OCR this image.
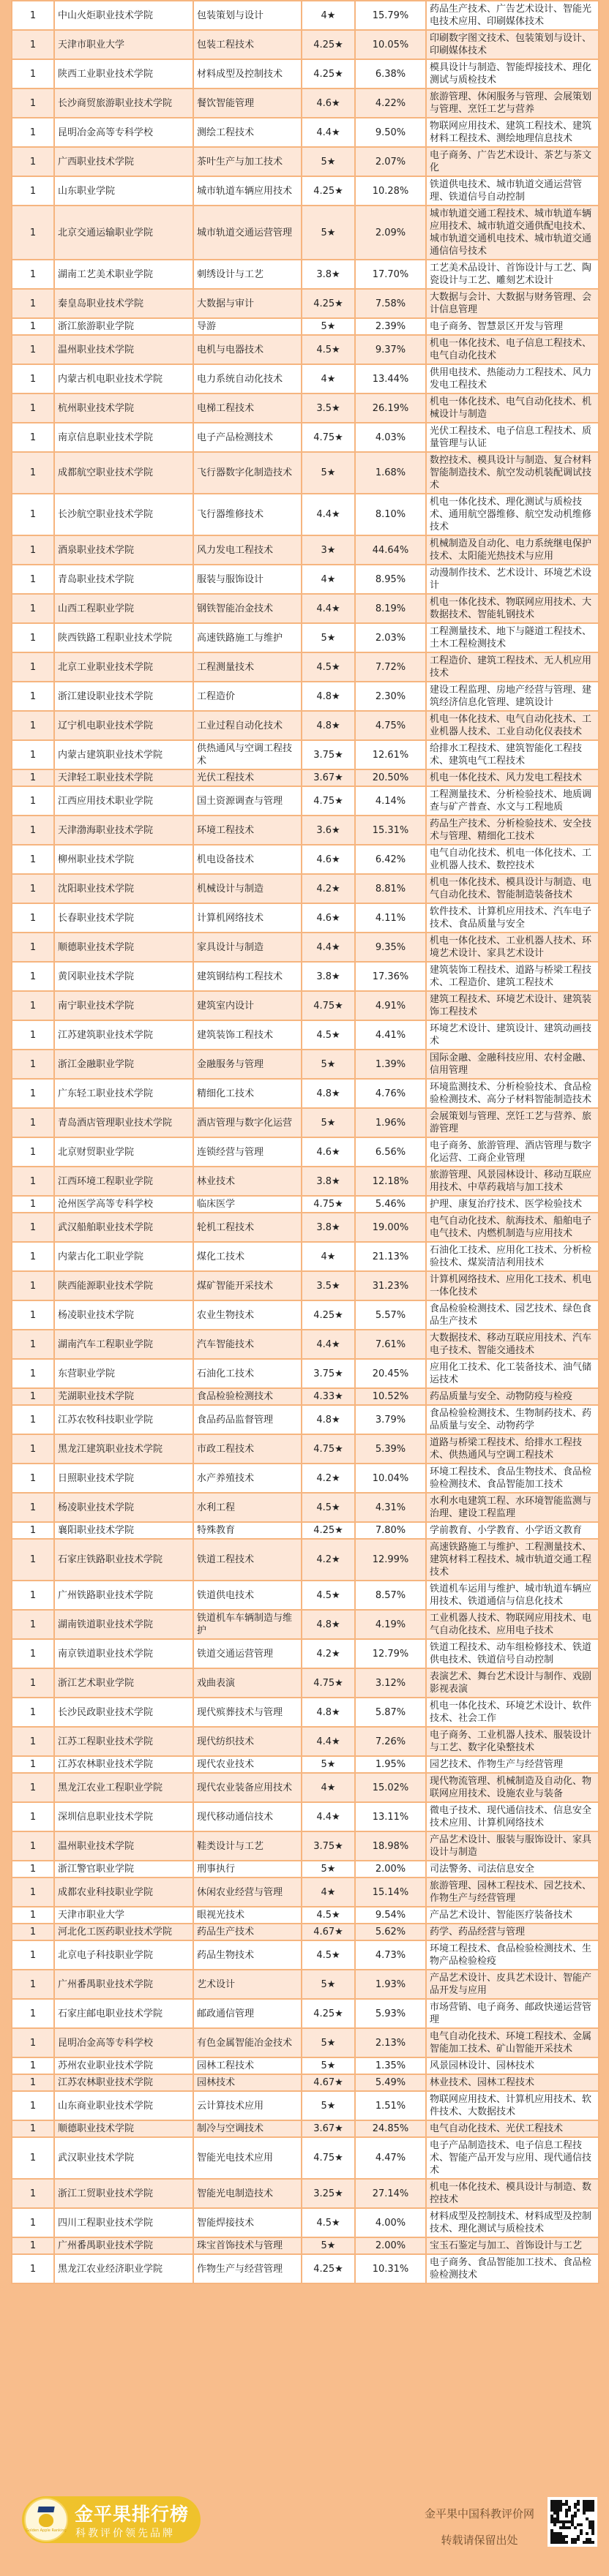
1	中山火炬职业技术学院	包装策划与设计	4★	15.79%	药品生产技术、广告艺术设计、智能光电技术应用、印刷媒体技术
1	天津市职业大学	包装工程技术	4.25★	10.05%	印刷数字图文技术、包装策划与设计、印刷媒体技术
1	陕西工业职业技术学院	材料成型及控制技术	4.25★	6.38%	模具设计与制造、智能焊接技术、理化测试与质检技术
1	长沙商贸旅游职业技术学院	餐饮智能管理	4.6★	4.22%	旅游管理、休闲服务与管理、会展策划与管理、烹饪工艺与营养
1	昆明冶金高等专科学校	测绘工程技术	4.4★	9.50%	物联网应用技术、建筑工程技术、建筑材料工程技术、测绘地理信息技术
1	广西职业技术学院	茶叶生产与加工技术	5★	2.07%	电子商务、广告艺术设计、茶艺与茶文化
1	山东职业学院	城市轨道车辆应用技术	4.25★	10.28%	铁道供电技术、城市轨道交通运营管理、铁道信号自动控制
1	北京交通运输职业学院	城市轨道交通运营管理	5★	2.09%	城市轨道交通工程技术、城市轨道车辆应用技术、城市轨道交通供配电技术、城市轨道交通机电技术、城市轨道交通通信信号技术
1	湖南工艺美术职业学院	刺绣设计与工艺	3.8★	17.70%	工艺美术品设计、首饰设计与工艺、陶瓷设计与工艺、雕刻艺术设计
1	秦皇岛职业技术学院	大数据与审计	4.25★	7.58%	大数据与会计、大数据与财务管理、会计信息管理
1	浙江旅游职业学院	导游	5★	2.39%	电子商务、智慧景区开发与管理
1	温州职业技术学院	电机与电器技术	4.5★	9.37%	机电一体化技术、电子信息工程技术、电气自动化技术
1	内蒙古机电职业技术学院	电力系统自动化技术	4★	13.44%	供用电技术、热能动力工程技术、风力发电工程技术
1	杭州职业技术学院	电梯工程技术	3.5★	26.19%	机电一体化技术、电气自动化技术、机械设计与制造
1	南京信息职业技术学院	电子产品检测技术	4.75★	4.03%	光伏工程技术、电子信息工程技术、质量管理与认证
1	成都航空职业技术学院	飞行器数字化制造技术	5★	1.68%	数控技术、模具设计与制造、复合材料智能制造技术、航空发动机装配调试技术
1	长沙航空职业技术学院	飞行器维修技术	4.4★	8.10%	机电一体化技术、理化测试与质检技术、通用航空器维修、航空发动机维修技术
1	酒泉职业技术学院	风力发电工程技术	3★	44.64%	机械制造及自动化、电力系统继电保护技术、太阳能光热技术与应用
1	青岛职业技术学院	服装与服饰设计	4★	8.95%	动漫制作技术、艺术设计、环境艺术设计
1	山西工程职业学院	钢铁智能冶金技术	4.4★	8.19%	机电一体化技术、物联网应用技术、大数据技术、智能轧钢技术
1	陕西铁路工程职业技术学院	高速铁路施工与维护	5★	2.03%	工程测量技术、地下与隧道工程技术、土木工程检测技术
1	北京工业职业技术学院	工程测量技术	4.5★	7.72%	工程造价、建筑工程技术、无人机应用技术
1	浙江建设职业技术学院	工程造价	4.8★	2.30%	建设工程监理、房地产经营与管理、建筑经济信息化管理、建筑设计
1	辽宁机电职业技术学院	工业过程自动化技术	4.8★	4.75%	机电一体化技术、电气自动化技术、工业机器人技术、工业自动化仪表技术
1	内蒙古建筑职业技术学院	供热通风与空调工程技术	3.75★	12.61%	给排水工程技术、建筑智能化工程技术、建筑电气工程技术
1	天津轻工职业技术学院	光伏工程技术	3.67★	20.50%	机电一体化技术、风力发电工程技术
1	江西应用技术职业学院	国土资源调查与管理	4.75★	4.14%	工程测量技术、分析检验技术、地质调查与矿产普查、水文与工程地质
1	天津渤海职业技术学院	环境工程技术	3.6★	15.31%	药品生产技术、分析检验技术、安全技术与管理、精细化工技术
1	柳州职业技术学院	机电设备技术	4.6★	6.42%	电气自动化技术、机电一体化技术、工业机器人技术、数控技术
1	沈阳职业技术学院	机械设计与制造	4.2★	8.81%	机电一体化技术、模具设计与制造、电气自动化技术、智能制造装备技术
1	长春职业技术学院	计算机网络技术	4.6★	4.11%	软件技术、计算机应用技术、汽车电子技术、食品质量与安全
1	顺德职业技术学院	家具设计与制造	4.4★	9.35%	机电一体化技术、工业机器人技术、环境艺术设计、家具艺术设计
1	黄冈职业技术学院	建筑钢结构工程技术	3.8★	17.36%	建筑装饰工程技术、道路与桥梁工程技术、工程造价、建筑工程技术
1	南宁职业技术学院	建筑室内设计	4.75★	4.91%	建筑工程技术、环境艺术设计、建筑装饰工程技术
1	江苏建筑职业技术学院	建筑装饰工程技术	4.5★	4.41%	环境艺术设计、建筑设计、建筑动画技术
1	浙江金融职业学院	金融服务与管理	5★	1.39%	国际金融、金融科技应用、农村金融、信用管理
1	广东轻工职业技术学院	精细化工技术	4.8★	4.76%	环境监测技术、分析检验技术、食品检验检测技术、高分子材料智能制造技术
1	青岛酒店管理职业技术学院	酒店管理与数字化运营	5★	1.96%	会展策划与管理、烹饪工艺与营养、旅游管理
1	北京财贸职业学院	连锁经营与管理	4.6★	6.56%	电子商务、旅游管理、酒店管理与数字化运营、工商企业管理
1	江西环境工程职业学院	林业技术	3.8★	12.18%	旅游管理、风景园林设计、移动互联应用技术、中草药栽培与加工技术
1	沧州医学高等专科学校	临床医学	4.75★	5.46%	护理、康复治疗技术、医学检验技术
1	武汉船舶职业技术学院	轮机工程技术	3.8★	19.00%	电气自动化技术、航海技术、船舶电子电气技术、内燃机制造与应用技术
1	内蒙古化工职业学院	煤化工技术	4★	21.13%	石油化工技术、应用化工技术、分析检验技术、煤炭清洁利用技术
1	陕西能源职业技术学院	煤矿智能开采技术	3.5★	31.23%	计算机网络技术、应用化工技术、机电一体化技术
1	杨凌职业技术学院	农业生物技术	4.25★	5.57%	食品检验检测技术、园艺技术、绿色食品生产技术
1	湖南汽车工程职业学院	汽车智能技术	4.4★	7.61%	大数据技术、移动互联应用技术、汽车电子技术、智能交通技术
1	东营职业学院	石油化工技术	3.75★	20.45%	应用化工技术、化工装备技术、油气储运技术
1	芜湖职业技术学院	食品检验检测技术	4.33★	10.52%	药品质量与安全、动物防疫与检疫
1	江苏农牧科技职业学院	食品药品监督管理	4.8★	3.79%	食品检验检测技术、生物制药技术、药品质量与安全、动物药学
1	黑龙江建筑职业技术学院	市政工程技术	4.75★	5.39%	道路与桥梁工程技术、给排水工程技术、供热通风与空调工程技术
1	日照职业技术学院	水产养殖技术	4.2★	10.04%	环境工程技术、食品生物技术、食品检验检测技术、食品智能加工技术
1	杨凌职业技术学院	水利工程	4.5★	4.31%	水利水电建筑工程、水环境智能监测与治理、建设工程监理
1	襄阳职业技术学院	特殊教育	4.25★	7.80%	学前教育、小学教育、小学语文教育
1	石家庄铁路职业技术学院	铁道工程技术	4.2★	12.99%	高速铁路施工与维护、工程测量技术、建筑材料工程技术、城市轨道交通工程技术
1	广州铁路职业技术学院	铁道供电技术	4.5★	8.57%	铁道机车运用与维护、城市轨道车辆应用技术、铁道通信与信息化技术
1	湖南铁道职业技术学院	铁道机车车辆制造与维护	4.8★	4.19%	工业机器人技术、物联网应用技术、电气自动化技术、应用电子技术
1	南京铁道职业技术学院	铁道交通运营管理	4.2★	12.79%	铁道工程技术、动车组检修技术、铁道供电技术、铁道信号自动控制
1	浙江艺术职业学院	戏曲表演	4.75★	3.12%	表演艺术、舞台艺术设计与制作、戏剧影视表演
1	长沙民政职业技术学院	现代殡葬技术与管理	4.8★	5.87%	机电一体化技术、环境艺术设计、软件技术、社会工作
1	江苏工程职业技术学院	现代纺织技术	4.4★	7.26%	电子商务、工业机器人技术、服装设计与工艺、数字化染整技术
1	江苏农林职业技术学院	现代农业技术	5★	1.95%	园艺技术、作物生产与经营管理
1	黑龙江农业工程职业学院	现代农业装备应用技术	4★	15.02%	现代物流管理、机械制造及自动化、物联网应用技术、设施农业与装备
1	深圳信息职业技术学院	现代移动通信技术	4.4★	13.11%	微电子技术、现代通信技术、信息安全技术应用、计算机网络技术
1	温州职业技术学院	鞋类设计与工艺	3.75★	18.98%	产品艺术设计、服装与服饰设计、家具设计与制造
1	浙江警官职业学院	刑事执行	5★	2.00%	司法警务、司法信息安全
1	成都农业科技职业学院	休闲农业经营与管理	4★	15.14%	旅游管理、园林工程技术、园艺技术、作物生产与经营管理
1	天津市职业大学	眼视光技术	4.5★	9.54%	产品艺术设计、智能医疗装备技术
1	河北化工医药职业技术学院	药品生产技术	4.67★	5.62%	药学、药品经营与管理
1	北京电子科技职业学院	药品生物技术	4.5★	4.73%	环境工程技术、食品检验检测技术、生物产品检验检疫
1	广州番禺职业技术学院	艺术设计	5★	1.93%	产品艺术设计、皮具艺术设计、智能产品开发与应用
1	石家庄邮电职业技术学院	邮政通信管理	4.25★	5.93%	市场营销、电子商务、邮政快递运营管理
1	昆明冶金高等专科学校	有色金属智能冶金技术	5★	2.13%	电气自动化技术、环境工程技术、金属智能加工技术、矿山智能开采技术
1	苏州农业职业技术学院	园林工程技术	5★	1.35%	风景园林设计、园林技术
1	江苏农林职业技术学院	园林技术	4.67★	5.49%	林业技术、园林工程技术
1	山东商业职业技术学院	云计算技术应用	5★	1.51%	物联网应用技术、计算机应用技术、软件技术、大数据技术
1	顺德职业技术学院	制冷与空调技术	3.67★	24.85%	电气自动化技术、光伏工程技术
1	武汉职业技术学院	智能光电技术应用	4.75★	4.47%	电子产品制造技术、电子信息工程技术、智能产品开发与应用、现代通信技术
1	浙江工贸职业技术学院	智能光电制造技术	3.25★	27.14%	机电一体化技术、模具设计与制造、数控技术
1	四川工程职业技术学院	智能焊接技术	4.5★	4.00%	材料成型及控制技术、材料成型及控制技术、理化测试与质检技术
1	广州番禺职业技术学院	珠宝首饰技术与管理	5★	2.00%	宝玉石鉴定与加工、首饰设计与工艺
1	黑龙江农业经济职业学院	作物生产与经营管理	4.25★	10.31%	电子商务、食品智能加工技术、食品检验检测技术
Golden Apple Ranking
金平果排行榜
科教评价领先品牌
金平果中国科教评价网
转载请保留出处
